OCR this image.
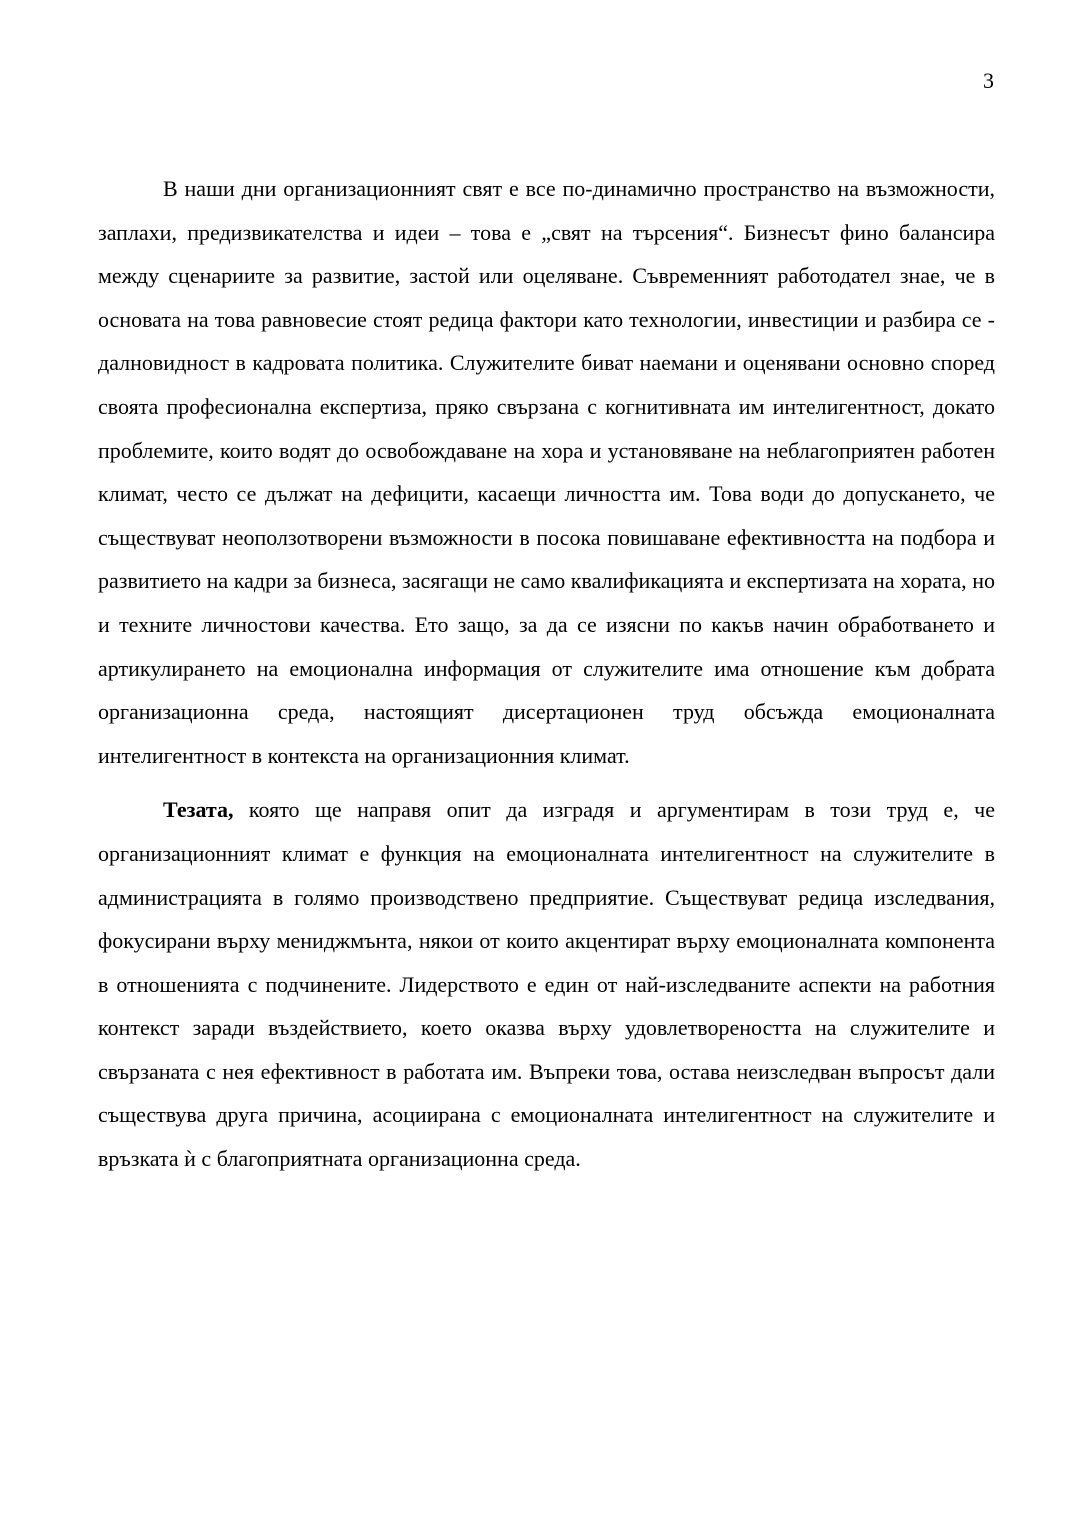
3

В наши дни организационният свят е все по-динамично пространство на възможности, заплахи, предизвикателства и идеи – това е „свят на търсения“. Бизнесът фино балансира между сценариите за развитие, застой или оцеляване. Съвременният работодател знае, че в основата на това равновесие стоят редица фактори като технологии, инвестиции и разбира се - далновидност в кадровата политика. Служителите биват наемани и оценявани основно според своята професионална експертиза, пряко свързана с когнитивната им интелигентност, докато проблемите, които водят до освобождаване на хора и установяване на неблагоприятен работен климат, често се дължат на дефицити, касаещи личността им. Това води до допускането, че съществуват неоползотворени възможности в посока повишаване ефективността на подбора и развитието на кадри за бизнеса, засягащи не само квалификацията и експертизата на хората, но и техните личностови качества. Ето защо, за да се изясни по какъв начин обработването и артикулирането на емоционална информация от служителите има отношение към добрата организационна среда, настоящият дисертационен труд обсъжда емоционалната интелигентност в контекста на организационния климат.

Тезата, която ще направя опит да изградя и аргументирам в този труд е, че организационният климат е функция на емоционалната интелигентност на служителите в администрацията в голямо производствено предприятие. Съществуват редица изследвания, фокусирани върху мениджмънта, някои от които акцентират върху емоционалната компонента в отношенията с подчинените. Лидерството е един от най-изследваните аспекти на работния контекст заради въздействието, което оказва върху удовлетвореността на служителите и свързаната с нея ефективност в работата им. Въпреки това, остава неизследван въпросът дали съществува друга причина, асоциирана с емоционалната интелигентност на служителите и връзката ѝ с благоприятната организационна среда.
